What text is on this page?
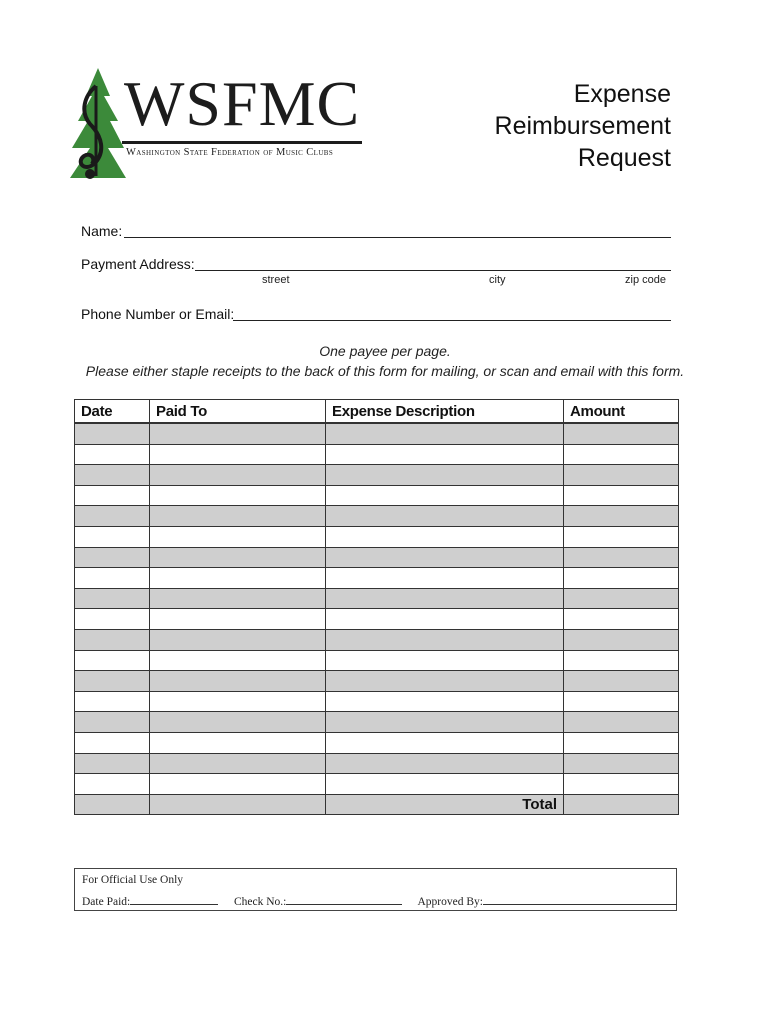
WSFMC
Washington State Federation of Music Clubs
Expense
Reimbursement
Request
Name:
Payment Address:
street	city	zip code
Phone Number or Email:
One payee per page.
Please either staple receipts to the back of this form for mailing, or scan and email with this form.
Date	Paid To	Expense Description	Amount

		Total	
For Official Use Only
Date Paid:	Check No.:	Approved By:
